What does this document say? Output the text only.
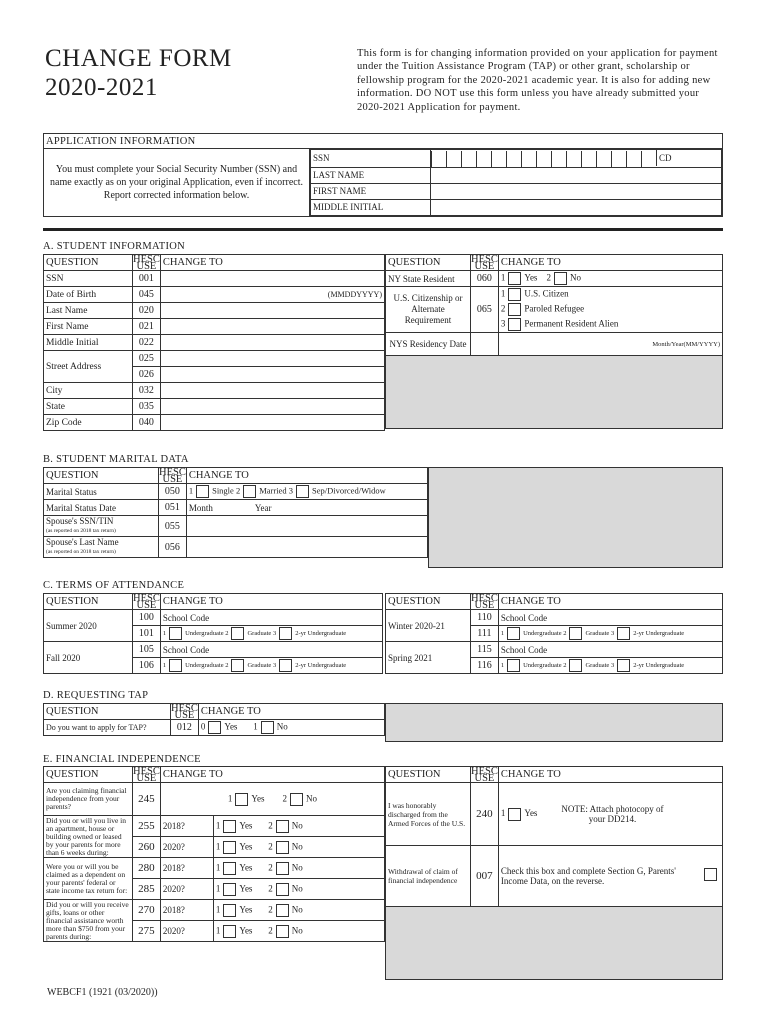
CHANGE FORM
2020-2021
This form is for changing information provided on your application for payment under the Tuition Assistance Program (TAP) or other grant, scholarship or fellowship program for the 2020-2021 academic year. It is also for adding new information. DO NOT use this form unless you have already submitted your 2020-2021 Application for payment.
APPLICATION INFORMATION
You must complete your Social Security Number (SSN) and name exactly as on your original Application, even if incorrect. Report corrected information below.	
SSN	CD
LAST NAME	
FIRST NAME	
MIDDLE INITIAL	
A. STUDENT INFORMATION
QUESTION	HESC USE	CHANGE TO
SSN	001	
Date of Birth	045	(MMDDYYYY)
Last Name	020	
First Name	021	
Middle Initial	022	
Street Address	025	
	026	
City	032	
State	035	
Zip Code	040	
QUESTION	HESC USE	CHANGE TO
NY State Resident	060	1 Yes 2 No
U.S. Citizenship or Alternate Requirement	065	1 U.S. Citizen
		2 Paroled Refugee
		3 Permanent Resident Alien
NYS Residency Date		Month/Year(MM/YYYY)

B. STUDENT MARITAL DATA
QUESTION	HESC USE	CHANGE TO
Marital Status	050	1 Single 2 Married 3 Sep/Divorced/Widow
Marital Status Date	051	Month Year

Spouse's SSN/TIN
(as reported on 2018 tax return)	055	

Spouse's Last Name
(as reported on 2018 tax return)	056	
C. TERMS OF ATTENDANCE
QUESTION	HESC USE	CHANGE TO
Summer 2020	100	School Code
	101	1 Undergraduate 2 Graduate 3 2-yr Undergraduate
Fall 2020	105	School Code
	106	1 Undergraduate 2 Graduate 3 2-yr Undergraduate
QUESTION	HESC USE	CHANGE TO
Winter 2020-21	110	School Code
	111	1 Undergraduate 2 Graduate 3 2-yr Undergraduate
Spring 2021	115	School Code
	116	1 Undergraduate 2 Graduate 3 2-yr Undergraduate
D. REQUESTING TAP
QUESTION	HESC USE	CHANGE TO
Do you want to apply for TAP?	012	0 Yes 1 No
E. FINANCIAL INDEPENDENCE
QUESTION	HESC USE	CHANGE TO	
Are you claiming financial independence from your parents?	245	1 Yes 2 No	
Did you or will you live in an apartment, house or building owned or leased by your parents for more than 6 weeks during:	255	2018?	1 Yes 2 No
	260	2020?	1 Yes 2 No
Were you or will you be claimed as a dependent on your parents' federal or state income tax return for:	280	2018?	1 Yes 2 No
	285	2020?	1 Yes 2 No
Did you or will you receive gifts, loans or other financial assistance worth more than $750 from your parents during:	270	2018?	1 Yes 2 No
	275	2020?	1 Yes 2 No
QUESTION	HESC USE	CHANGE TO
I was honorably discharged from the Armed Forces of the U.S.	240	1 Yes NOTE: Attach photocopy of your DD214.
Withdrawal of claim of financial independence	007	Check this box and complete Section G, Parents' Income Data, on the reverse.

WEBCF1 (1921 (03/2020))
